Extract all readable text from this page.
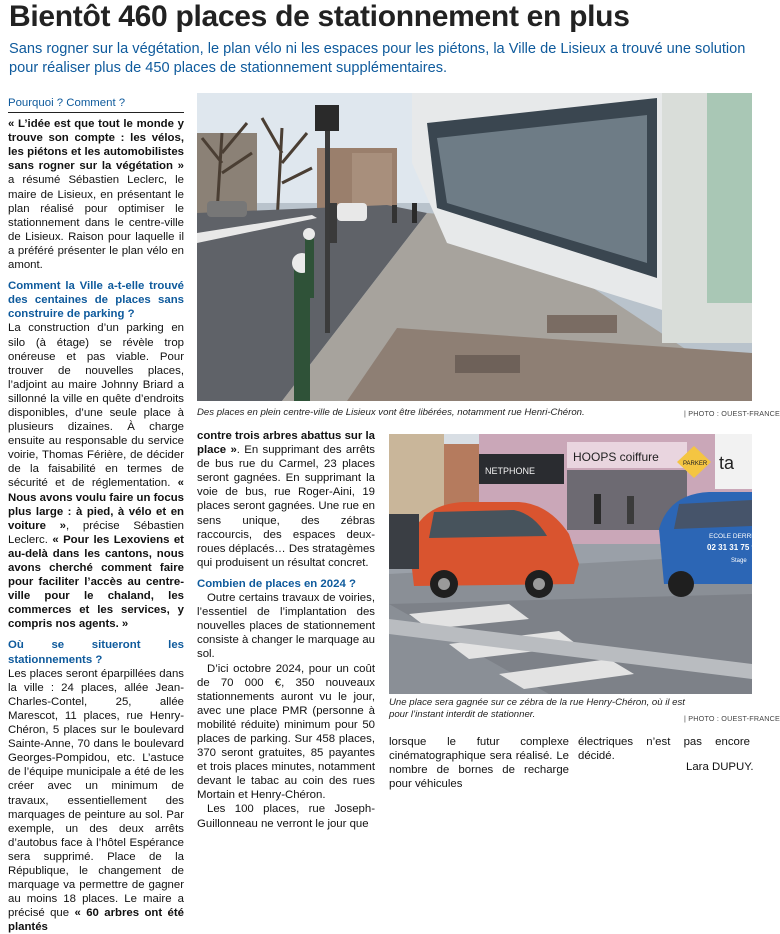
Bientôt 460 places de stationnement en plus

Sans rogner sur la végétation, le plan vélo ni les espaces pour les piétons, la Ville de Lisieux a trouvé une solution pour réaliser plus de 450 places de stationnement supplémentaires.

Pourquoi ? Comment ?

« L’idée est que tout le monde y trouve son compte : les vélos, les piétons et les automobilistes sans rogner sur la végétation » a résumé Sébastien Leclerc, le maire de Lisieux, en présentant le plan réalisé pour optimiser le stationnement dans le centre-ville de Lisieux. Raison pour laquelle il a préféré présenter le plan vélo en amont.

Comment la Ville a-t-elle trouvé des centaines de places sans construire de parking ?

La construction d’un parking en silo (à étage) se révèle trop onéreuse et pas viable. Pour trouver de nouvelles places, l’adjoint au maire Johnny Briard a sillonné la ville en quête d’endroits disponibles, d’une seule place à plusieurs dizaines. À charge ensuite au responsable du service voirie, Thomas Férière, de décider de la faisabilité en termes de sécurité et de réglementation. « Nous avons voulu faire un focus plus large : à pied, à vélo et en voiture », précise Sébastien Leclerc. « Pour les Lexoviens et au-delà dans les cantons, nous avons cherché comment faire pour faciliter l’accès au centre-ville pour le chaland, les commerces et les services, y compris nos agents. »

Où se situeront les stationnements ?

Les places seront éparpillées dans la ville : 24 places, allée Jean-Charles-Contel, 25, allée Marescot, 11 places, rue Henry-Chéron, 5 places sur le boulevard Sainte-Anne, 70 dans le boulevard Georges-Pompidou, etc. L’astuce de l’équipe municipale a été de les créer avec un minimum de travaux, essentiellement des marquages de peinture au sol. Par exemple, un des deux arrêts d’autobus face à l’hôtel Espérance sera supprimé. Place de la République, le changement de marquage va permettre de gagner au moins 18 places. Le maire a précisé que « 60 arbres ont été plantés

contre trois arbres abattus sur la place ». En supprimant des arrêts de bus rue du Carmel, 23 places seront gagnées. En supprimant la voie de bus, rue Roger-Aini, 19 places seront gagnées. Une rue en sens unique, des zébras raccourcis, des espaces deux-roues déplacés… Des stratagèmes qui produisent un résultat concret.

Combien de places en 2024 ?

Outre certains travaux de voiries, l’essentiel de l’implantation des nouvelles places de stationnement consiste à changer le marquage au sol.

D’ici octobre 2024, pour un coût de 70 000 €, 350 nouveaux stationnements auront vu le jour, avec une place PMR (personne à mobilité réduite) minimum pour 50 places de parking. Sur 458 places, 370 seront gratuites, 85 payantes et trois places minutes, notamment devant le tabac au coin des rues Mortain et Henry-Chéron.

Les 100 places, rue Joseph-Guillonneau ne verront le jour que

lorsque le futur complexe cinématographique sera réalisé. Le nombre de bornes de recharge pour véhicules

électriques n’est pas encore décidé.

Lara DUPUY.
Des places en plein centre-ville de Lisieux vont être libérées, notamment rue Henri-Chéron.	| PHOTO : OUEST-FRANCE
NETPHONE
HOOPS coiffure	PARKER ta
ECOLE DERRIEN
02 31 31 75 90
Stage
Une place sera gagnée sur ce zébra de la rue Henry-Chéron, où il est pour l’instant interdit de stationner.	| PHOTO : OUEST-FRANCE
